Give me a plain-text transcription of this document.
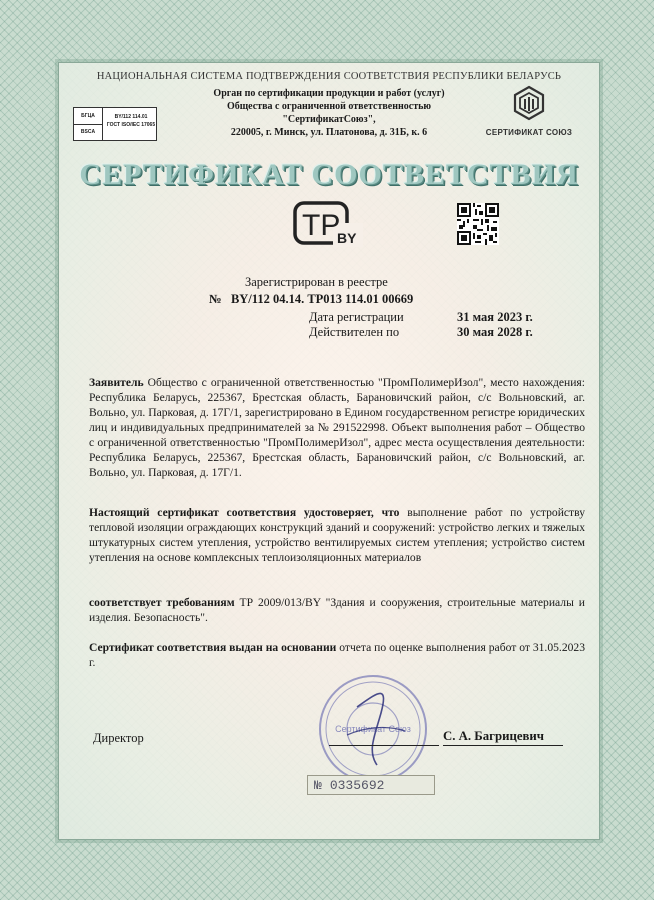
НАЦИОНАЛЬНАЯ СИСТЕМА ПОДТВЕРЖДЕНИЯ СООТВЕТСТВИЯ РЕСПУБЛИКИ БЕЛАРУСЬ
Орган по сертификации продукции и работ (услуг)
Общества с ограниченной ответственностью
"СертификатСоюз",
220005, г. Минск, ул. Платонова, д. 31Б, к. 6
БГЦА
BSCA
BY/112 114.01
ГОСТ ISO/IEC 17065
СЕРТИФИКАТ СОЮЗ
СЕРТИФИКАТ СООТВЕТСТВИЯ
TP
BY
Зарегистрирован в реестре
№ BY/112 04.14. ТР013 114.01 00669
Дата регистрации	31 мая 2023 г.
Действителен по	30 мая 2028 г.
Заявитель Общество с ограниченной ответственностью "ПромПолимерИзол", место нахождения: Республика Беларусь, 225367, Брестская область, Барановичский район, с/с Вольновский, аг. Вольно, ул. Парковая, д. 17Г/1, зарегистрировано в Едином государственном регистре юридических лиц и индивидуальных предпринимателей за № 291522998. Объект выполнения работ – Общество с ограниченной ответственностью "ПромПолимерИзол", адрес места осуществления деятельности: Республика Беларусь, 225367, Брестская область, Барановичский район, с/с Вольновский, аг. Вольно, ул. Парковая, д. 17Г/1.
Настоящий сертификат соответствия удостоверяет, что выполнение работ по устройству тепловой изоляции ограждающих конструкций зданий и сооружений: устройство легких и тяжелых штукатурных систем утепления, устройство вентилируемых систем утепления; устройство систем утепления на основе комплексных теплоизоляционных материалов
соответствует требованиям ТР 2009/013/BY "Здания и сооружения, строительные материалы и изделия. Безопасность".
Сертификат соответствия выдан на основании отчета по оценке выполнения работ от 31.05.2023 г.
Сертификат Союз
Директор	С. А. Багрицевич
№ 0335692
